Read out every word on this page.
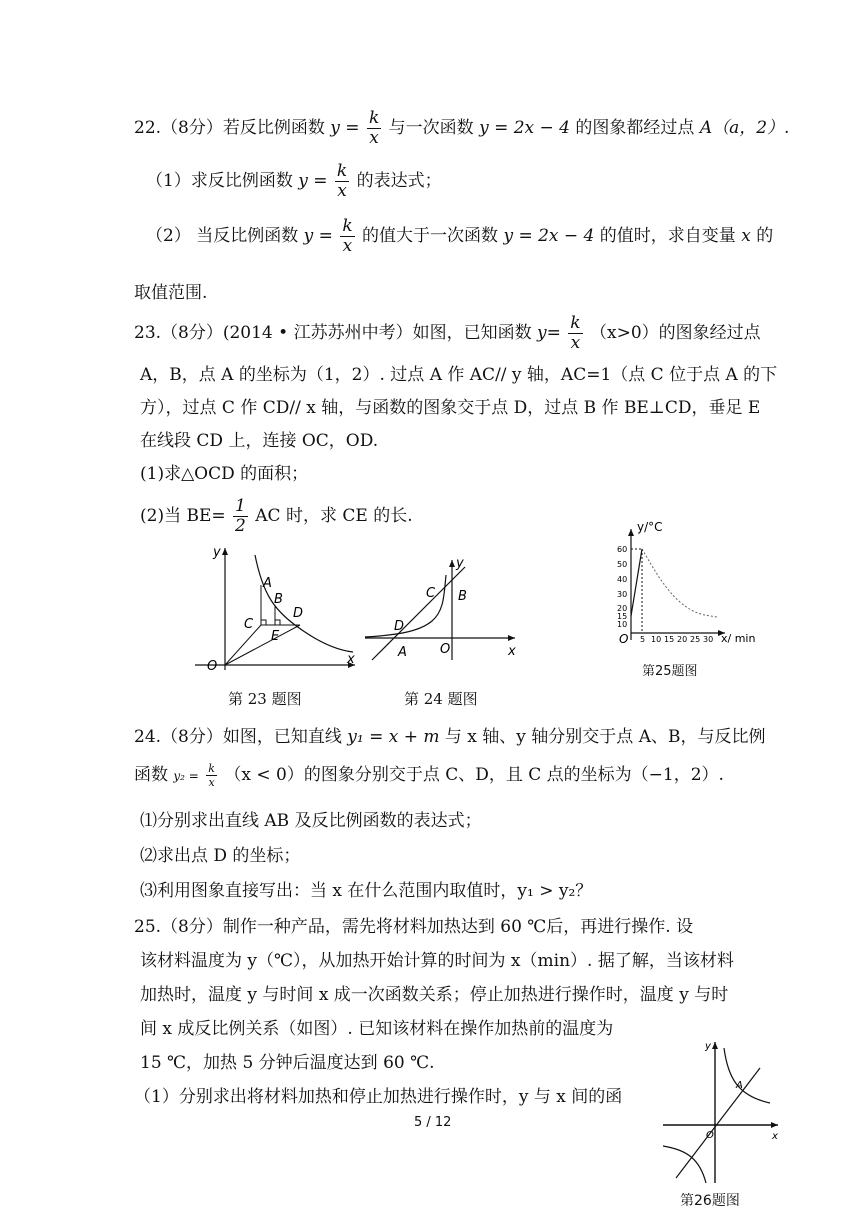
22.（8分）若反比例函数 $y = \frac{k}{x}$ 与一次函数 y = 2x − 4 的图象都经过点 A（a，2）.
（1）求反比例函数 $y = \frac{k}{x}$ 的表达式；
（2） 当反比例函数 $y = \frac{k}{x}$ 的值大于一次函数 y = 2x − 4 的值时，求自变量 x 的
取值范围.
23.（8分）(2014 • 江苏苏州中考）如图，已知函数 $y= \frac{k}{x} (x>0)$的图象经过点
A，B，点 A 的坐标为（1，2）. 过点 A 作 AC// y 轴，AC=1（点 C 位于点 A 的下
方），过点 C 作 CD// x 轴，与函数的图象交于点 D，过点 B 作 BE⊥CD，垂足 E
在线段 CD 上，连接 OC，OD.
(1)求△OCD 的面积；
(2)当 $BE= \frac{1}{2}$ AC 时，求 CE 的长.
y
x
O
A
B
C
D
E
y
x
O
A
B
C
D
第 23 题图	第 24 题图
y/°C
x/ min
O
60
50
40
30
20
15
10
5 10 15 20 25 30
第25题图
24.（8分）如图，已知直线 y₁ = x + m 与 x 轴、y 轴分别交于点 A、B，与反比例
函数 $y_2 = \frac{k}{x} (x < 0)$的图象分别交于点 C、D，且 C 点的坐标为（−1，2）.
⑴分别求出直线 AB 及反比例函数的表达式；
⑵求出点 D 的坐标；
⑶利用图象直接写出：当 x 在什么范围内取值时，y₁ > y₂？
25.（8分）制作一种产品，需先将材料加热达到 60 ℃后，再进行操作. 设
该材料温度为 y（℃），从加热开始计算的时间为 x（min）. 据了解，当该材料
加热时，温度 y 与时间 x 成一次函数关系；停止加热进行操作时，温度 y 与时
间 x 成反比例关系（如图）. 已知该材料在操作加热前的温度为
15 ℃，加热 5 分钟后温度达到 60 ℃.
（1）分别求出将材料加热和停止加热进行操作时，y 与 x 间的函
y
x
O
A
第26题图
5 / 12
